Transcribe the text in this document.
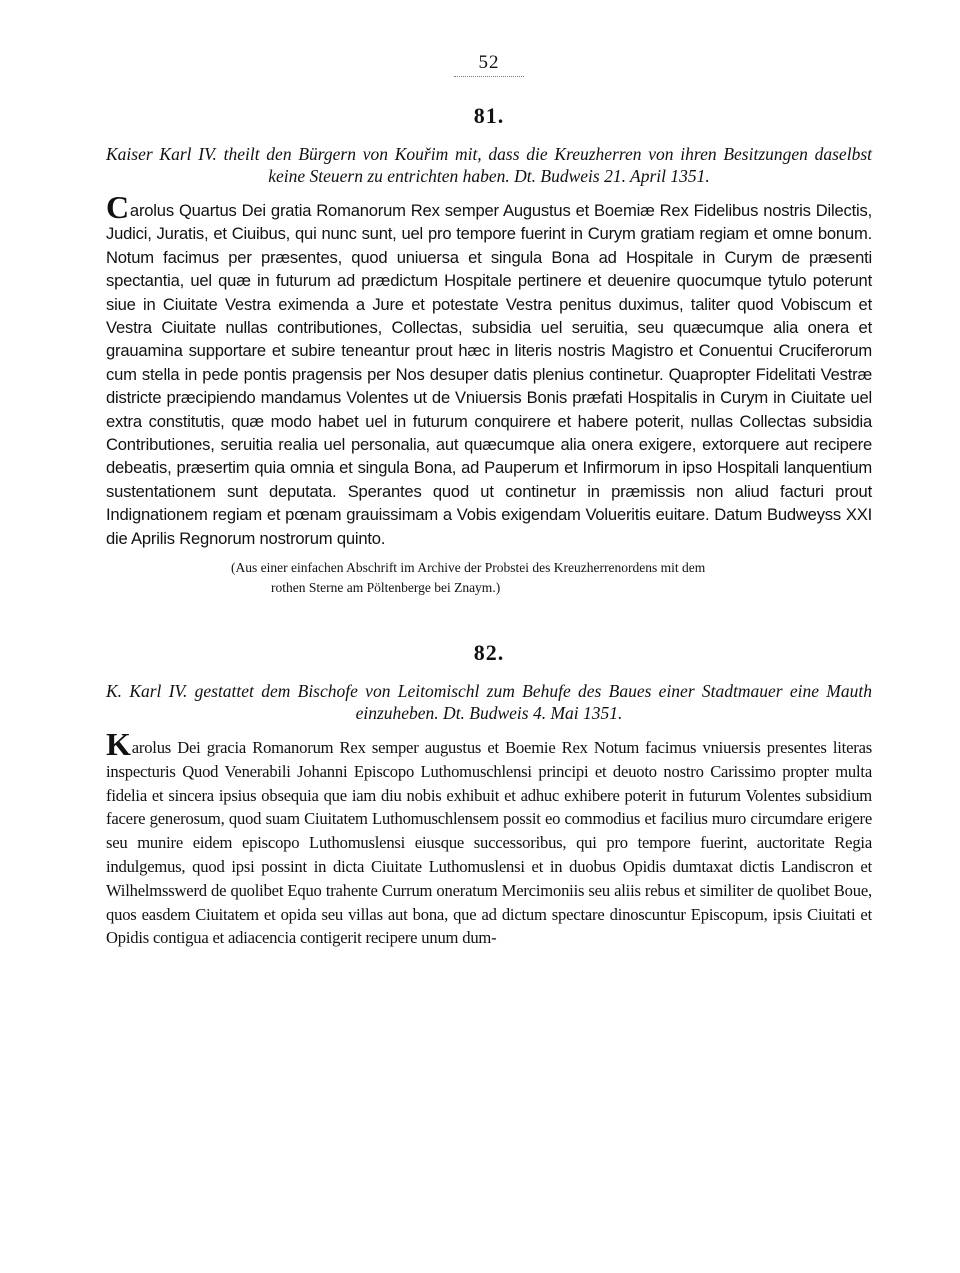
52
81.
Kaiser Karl IV. theilt den Bürgern von Kouřim mit, dass die Kreuzherren von ihren Besitzungen daselbst keine Steuern zu entrichten haben. Dt. Budweis 21. April 1351.
Carolus Quartus Dei gratia Romanorum Rex semper Augustus et Boemiæ Rex Fidelibus nostris Dilectis, Judici, Juratis, et Ciuibus, qui nunc sunt, uel pro tempore fuerint in Curym gratiam regiam et omne bonum. Notum facimus per præsentes, quod uniuersa et singula Bona ad Hospitale in Curym de præsenti spectantia, uel quæ in futurum ad prædictum Hospitale pertinere et deuenire quocumque tytulo poterunt siue in Ciuitate Vestra eximenda a Jure et potestate Vestra penitus duximus, taliter quod Vobiscum et Vestra Ciuitate nullas contributiones, Collectas, subsidia uel seruitia, seu quæcumque alia onera et grauamina supportare et subire teneantur prout hæc in literis nostris Magistro et Conuentui Cruciferorum cum stella in pede pontis pragensis per Nos desuper datis plenius continetur. Quapropter Fidelitati Vestræ districte præcipiendo mandamus Volentes ut de Vniuersis Bonis præfati Hospitalis in Curym in Ciuitate uel extra constitutis, quæ modo habet uel in futurum conquirere et habere poterit, nullas Collectas subsidia Contributiones, seruitia realia uel personalia, aut quæcumque alia onera exigere, extorquere aut recipere debeatis, præsertim quia omnia et singula Bona, ad Pauperum et Infirmorum in ipso Hospitali lanquentium sustentationem sunt deputata. Sperantes quod ut continetur in præmissis non aliud facturi prout Indignationem regiam et pœnam grauissimam a Vobis exigendam Volueritis euitare. Datum Budweyss XXI die Aprilis Regnorum nostrorum quinto.
(Aus einer einfachen Abschrift im Archive der Probstei des Kreuzherrenordens mit dem
rothen Sterne am Pöltenberge bei Znaym.)
82.
K. Karl IV. gestattet dem Bischofe von Leitomischl zum Behufe des Baues einer Stadtmauer eine Mauth einzuheben. Dt. Budweis 4. Mai 1351.
Karolus Dei gracia Romanorum Rex semper augustus et Boemie Rex Notum facimus vniuersis presentes literas inspecturis Quod Venerabili Johanni Episcopo Luthomuschlensi principi et deuoto nostro Carissimo propter multa fidelia et sincera ipsius obsequia que iam diu nobis exhibuit et adhuc exhibere poterit in futurum Volentes subsidium facere generosum, quod suam Ciuitatem Luthomuschlensem possit eo commodius et facilius muro circumdare erigere seu munire eidem episcopo Luthomuslensi eiusque successoribus, qui pro tempore fuerint, auctoritate Regia indulgemus, quod ipsi possint in dicta Ciuitate Luthomuslensi et in duobus Opidis dumtaxat dictis Landiscron et Wilhelmsswerd de quolibet Equo trahente Currum oneratum Mercimoniis seu aliis rebus et similiter de quolibet Boue, quos easdem Ciuitatem et opida seu villas aut bona, que ad dictum spectare dinoscuntur Episcopum, ipsis Ciuitati et Opidis contigua et adiacencia contigerit recipere unum dum-
